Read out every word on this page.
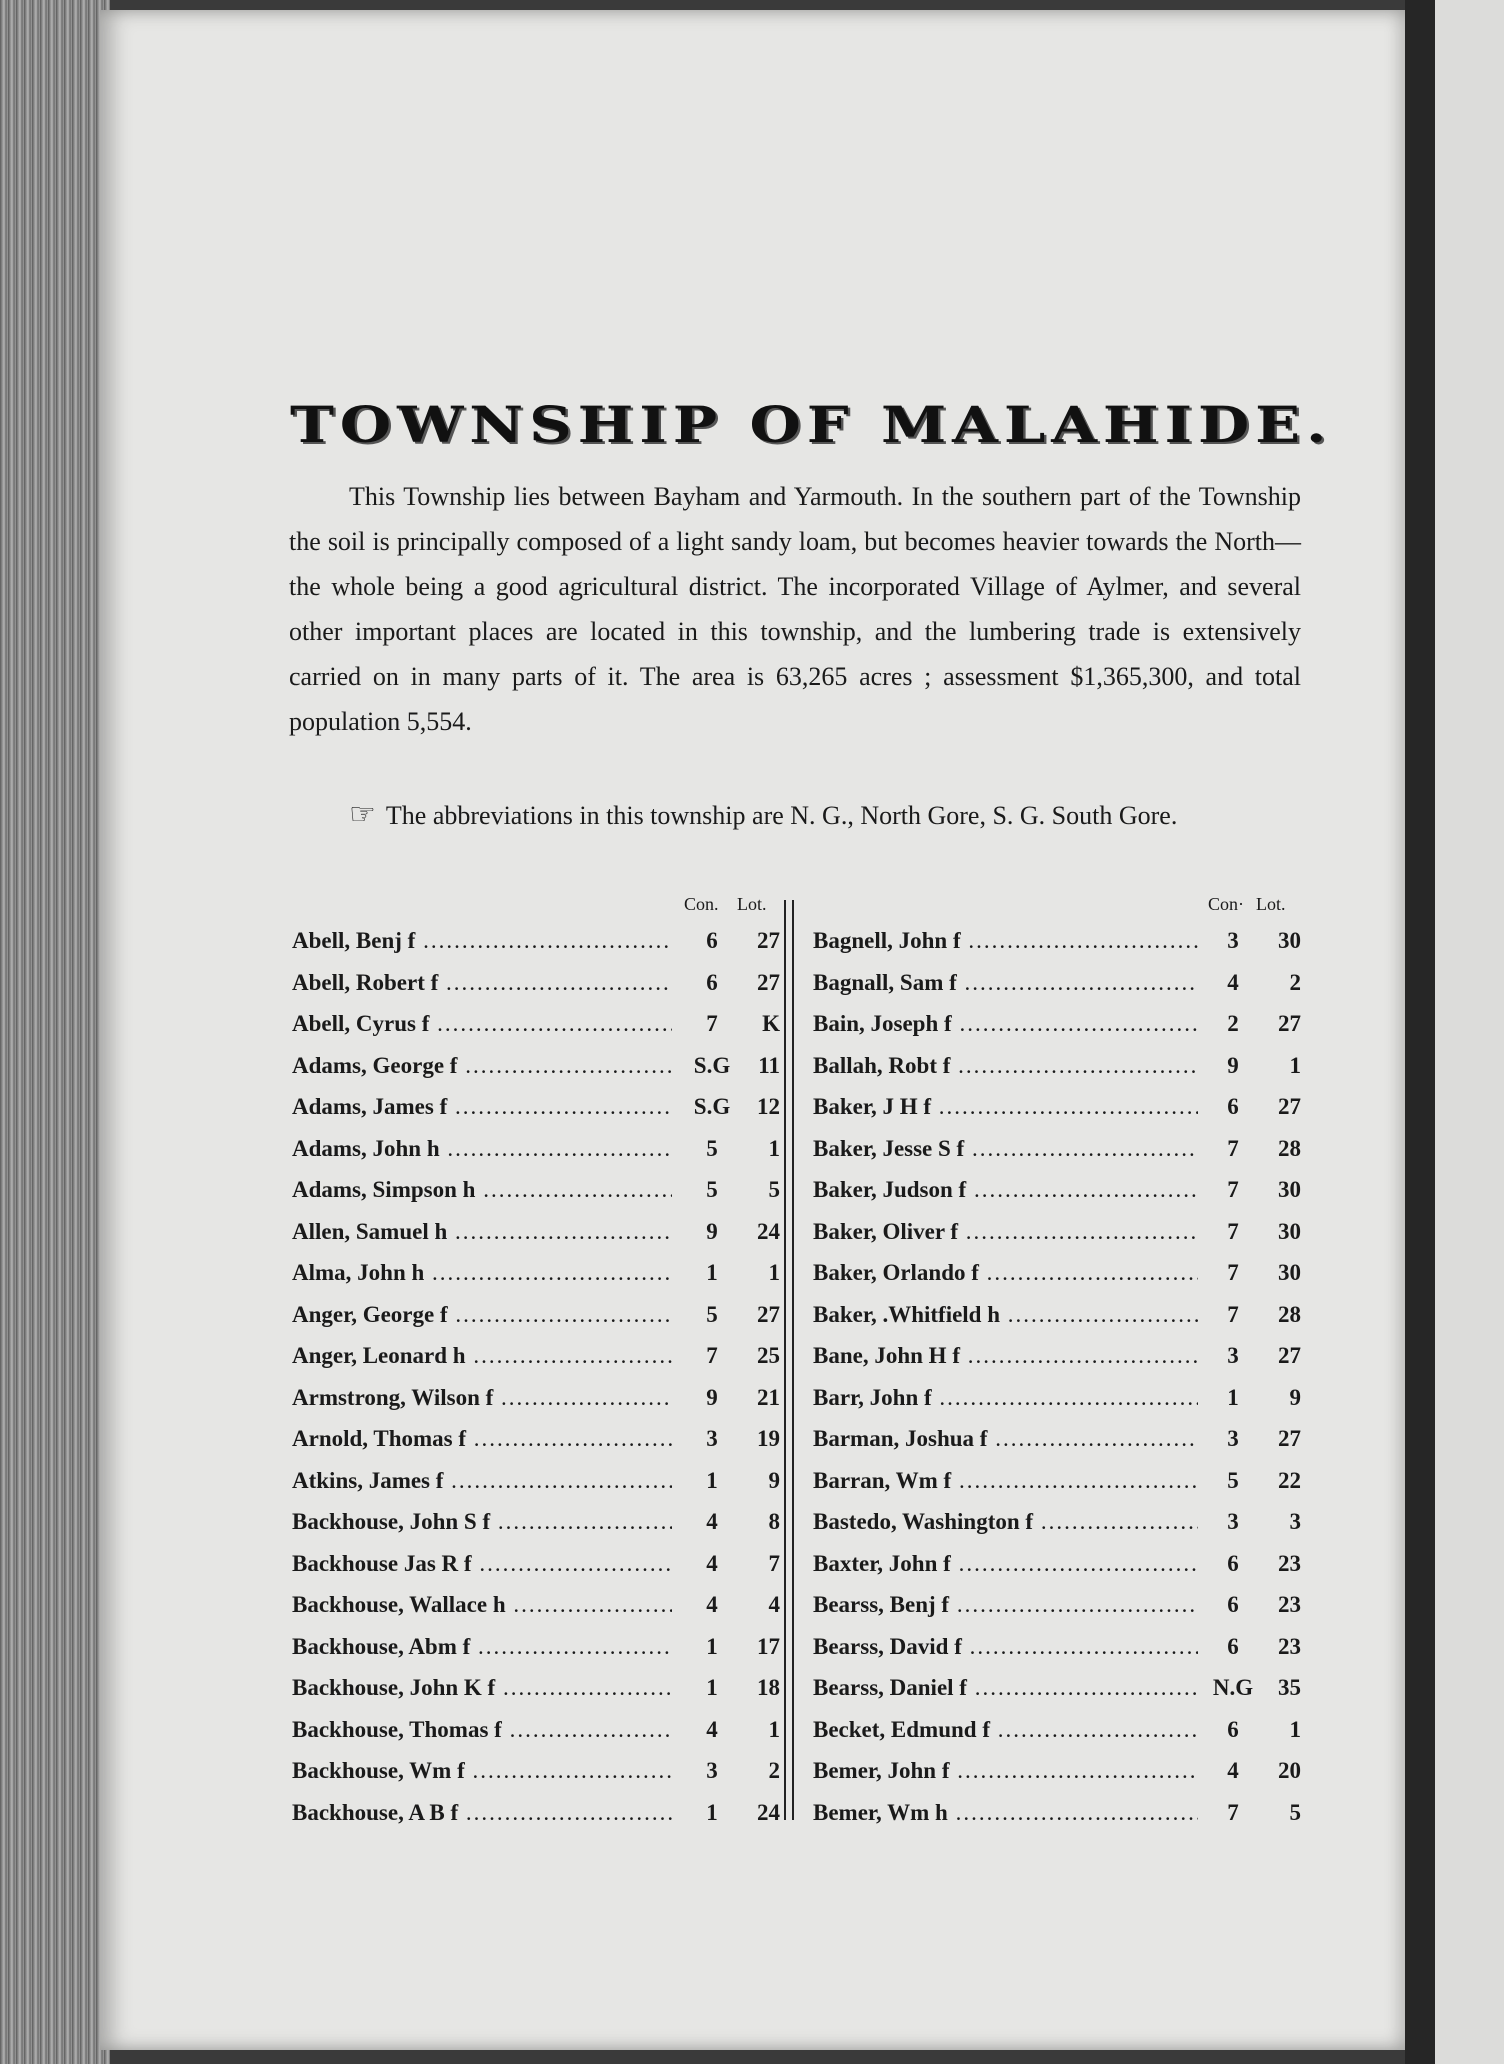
TOWNSHIP OF MALAHIDE.

This Township lies between Bayham and Yarmouth. In the southern part of the Township the soil is principally composed of a light sandy loam, but becomes heavier towards the North—the whole being a good agricultural district. The incorporated Village of Aylmer, and several other important places are located in this township, and the lumbering trade is extensively carried on in many parts of it. The area is 63,265 acres ; assessment $1,365,300, and total population 5,554.

☞ The abbreviations in this township are N. G., North Gore, S. G. South Gore.

Con. Lot.
Abell, Benj f .....	6	27
Abell, Robert f .....	6	27
Abell, Cyrus f .....	7	K
Adams, George f .....	S.G	11
Adams, James f .....	S.G	12
Adams, John h .....	5	1
Adams, Simpson h .....	5	5
Allen, Samuel h .....	9	24
Alma, John h .....	1	1
Anger, George f .....	5	27
Anger, Leonard h .....	7	25
Armstrong, Wilson f .....	9	21
Arnold, Thomas f .....	3	19
Atkins, James f .....	1	9
Backhouse, John S f .....	4	8
Backhouse Jas R f .....	4	7
Backhouse, Wallace h .....	4	4
Backhouse, Abm f .....	1	17
Backhouse, John K f .....	1	18
Backhouse, Thomas f .....	4	1
Backhouse, Wm f .....	3	2
Backhouse, A B f .....	1	24
Con· Lot.
Bagnell, John f .....	3	30
Bagnall, Sam f .....	4	2
Bain, Joseph f .....	2	27
Ballah, Robt f .....	9	1
Baker, J H f .....	6	27
Baker, Jesse S f .....	7	28
Baker, Judson f .....	7	30
Baker, Oliver f .....	7	30
Baker, Orlando f .....	7	30
Baker, .Whitfield h .....	7	28
Bane, John H f .....	3	27
Barr, John f .....	1	9
Barman, Joshua f .....	3	27
Barran, Wm f .....	5	22
Bastedo, Washington f .....	3	3
Baxter, John f .....	6	23
Bearss, Benj f .....	6	23
Bearss, David f .....	6	23
Bearss, Daniel f .....	N.G	35
Becket, Edmund f .....	6	1
Bemer, John f .....	4	20
Bemer, Wm h .....	7	5
